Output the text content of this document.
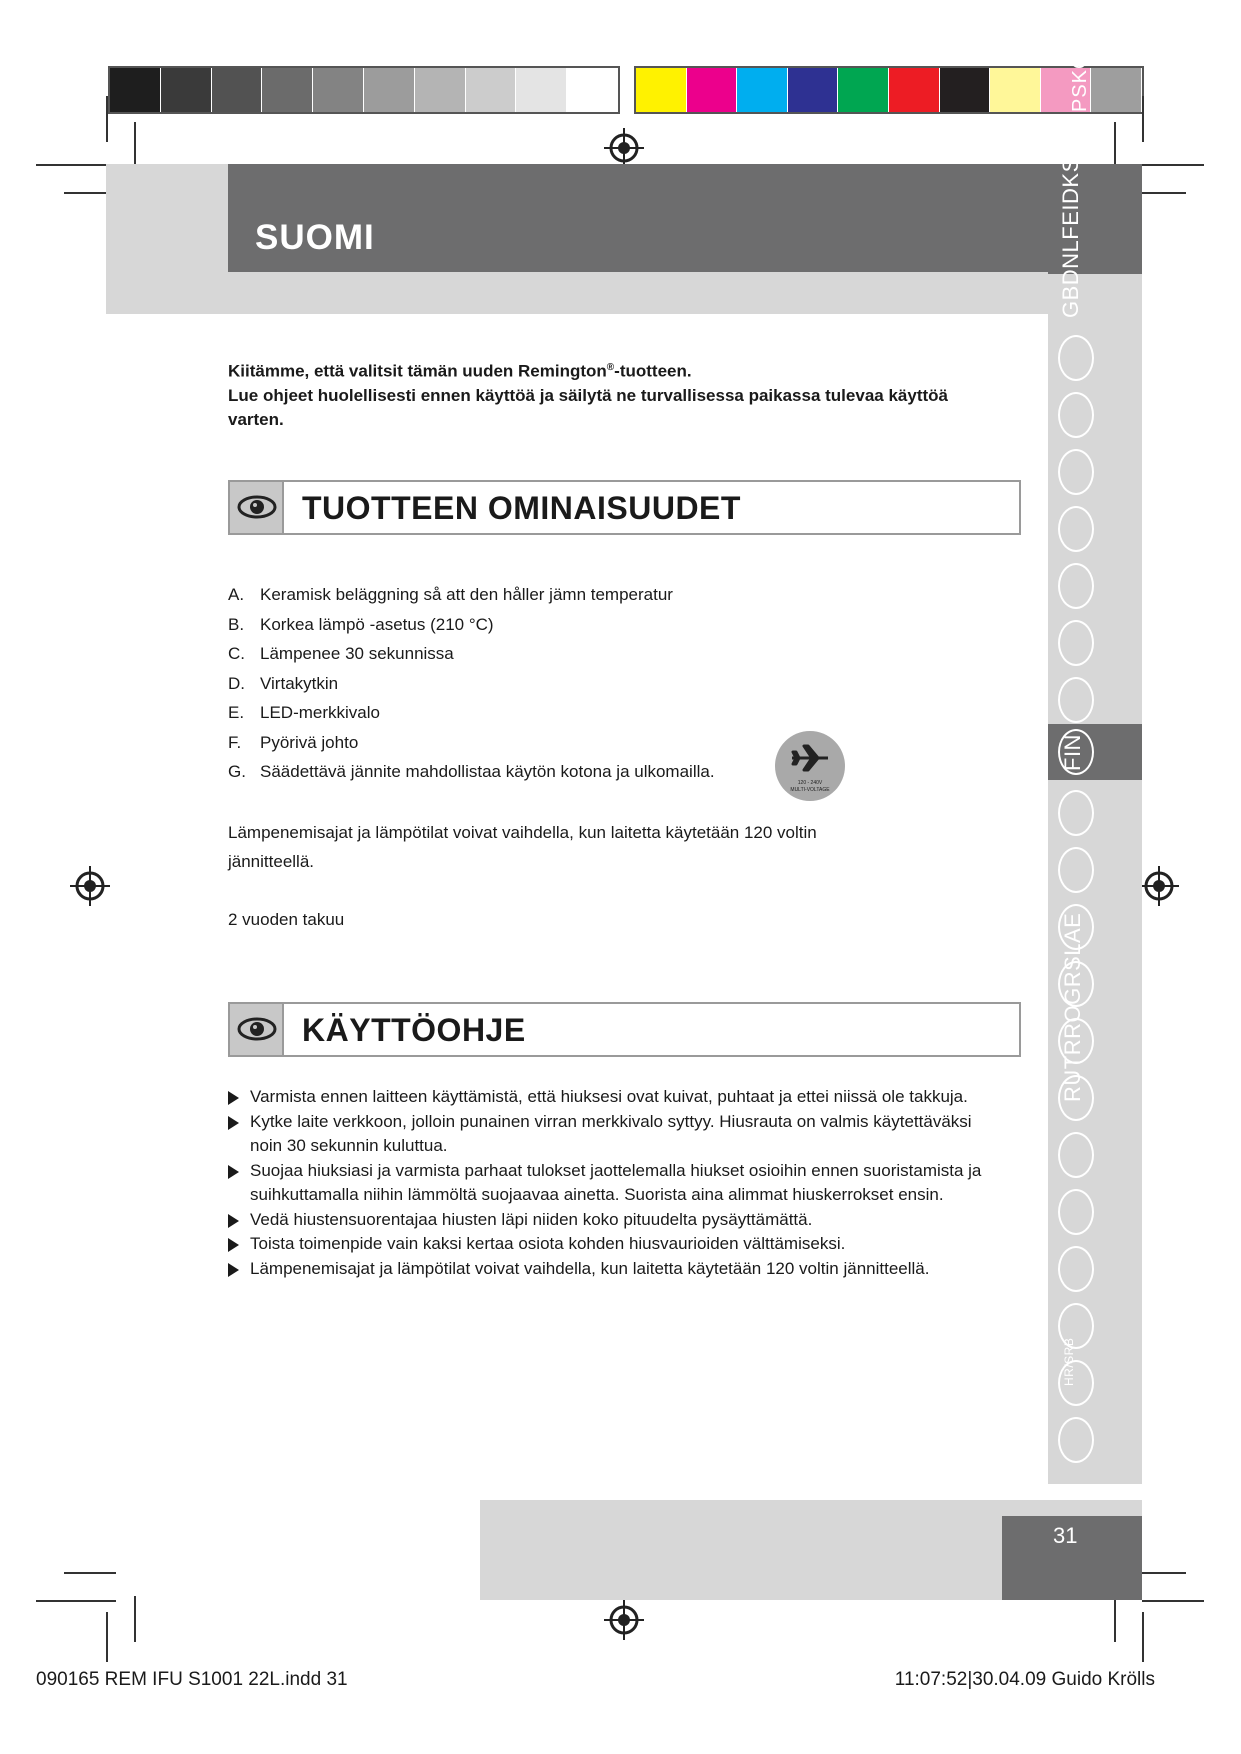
SUOMI	GBDNLFEIDKS
PSKC
FIN
RUTRROGRSLAE
HR/SRB

Kiitämme, että valitsit tämän uuden Remington®-tuotteen.

Lue ohjeet huolellisesti ennen käyttöä ja säilytä ne turvallisessa paikassa tulevaa käyttöä varten.

TUOTTEEN OMINAISUUDET
A. Keramisk beläggning så att den håller jämn temperatur
B. Korkea lämpö -asetus (210 °C)
C. Lämpenee 30 sekunnissa
D. Virtakytkin
E. LED-merkkivalo
F. Pyörivä johto
G. Säädettävä jännite mahdollistaa käytön kotona ja ulkomailla.
120 - 240V
MULTI-VOLTAGE
Lämpenemisajat ja lämpötilat voivat vaihdella, kun laitetta käytetään 120 voltin jännitteellä.
2 vuoden takuu
KÄYTTÖOHJE
Varmista ennen laitteen käyttämistä, että hiuksesi ovat kuivat, puhtaat ja ettei niissä ole takkuja.
Kytke laite verkkoon, jolloin punainen virran merkkivalo syttyy. Hiusrauta on valmis käytettäväksi noin 30 sekunnin kuluttua.
Suojaa hiuksiasi ja varmista parhaat tulokset jaottelemalla hiukset osioihin ennen suoristamista ja suihkuttamalla niihin lämmöltä suojaavaa ainetta. Suorista aina alimmat hiuskerrokset ensin.
Vedä hiustensuorentajaa hiusten läpi niiden koko pituudelta pysäyttämättä.
Toista toimenpide vain kaksi kertaa osiota kohden hiusvaurioiden välttämiseksi.
Lämpenemisajat ja lämpötilat voivat vaihdella, kun laitetta käytetään 120 voltin jännitteellä.
31
090165 REM IFU S1001 22L.indd 31	11:07:52|30.04.09 Guido Krölls
